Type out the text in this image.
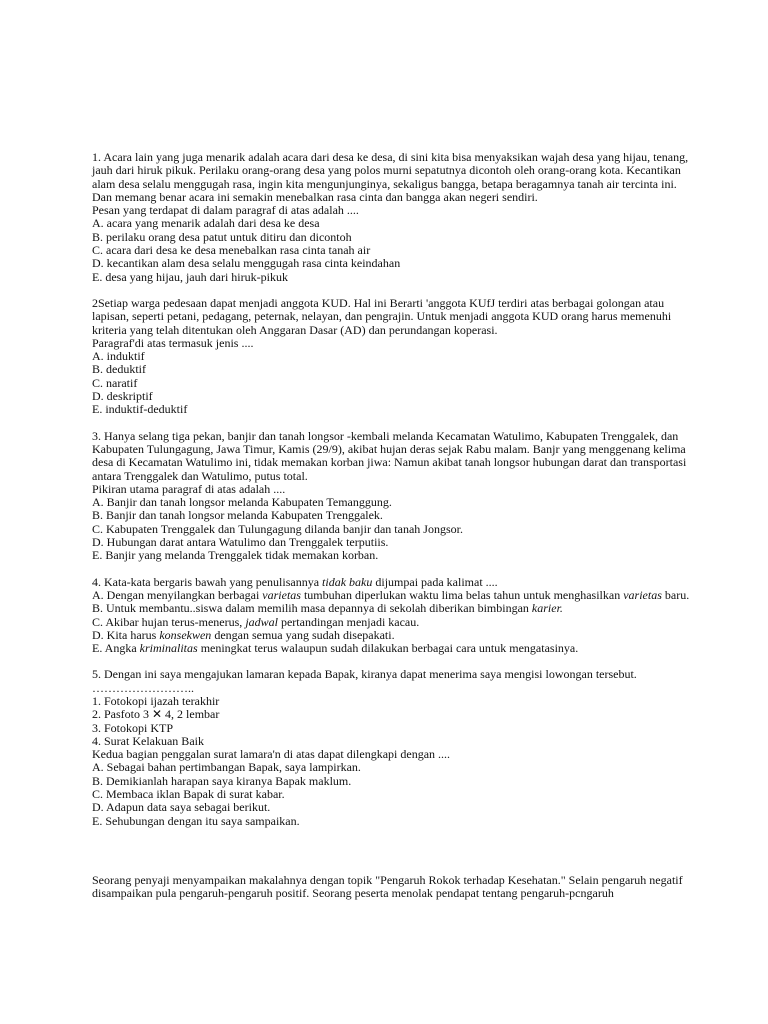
1. Acara lain yang juga menarik adalah acara dari desa ke desa, di sini kita bisa menyaksikan wajah desa yang hijau, tenang, jauh dari hiruk pikuk. Perilaku orang-orang desa yang polos murni sepatutnya dicontoh oleh orang-orang kota. Kecantikan alam desa selalu menggugah rasa, ingin kita mengunjunginya, sekaligus bangga, betapa beragamnya tanah air tercinta ini. Dan memang benar acara ini semakin menebalkan rasa cinta dan bangga akan negeri sendiri.

Pesan yang terdapat di dalam paragraf di atas adalah ....

A. acara yang menarik adalah dari desa ke desa

B. perilaku orang desa patut untuk ditiru dan dicontoh

C. acara dari desa ke desa menebalkan rasa cinta tanah air

D. kecantikan alam desa selalu menggugah rasa cinta keindahan

E. desa yang hijau, jauh dari hiruk-pikuk

2Setiap warga pedesaan dapat menjadi anggota KUD. Hal ini Berarti 'anggota KUfJ terdiri atas berbagai golongan atau

lapisan, seperti petani, pedagang, peternak, nelayan, dan pengrajin. Untuk menjadi anggota KUD orang harus memenuhi kriteria yang telah ditentukan oleh Anggaran Dasar (AD) dan perundangan koperasi.

Paragraf'di atas termasuk jenis ....

A. induktif

B. deduktif

C. naratif

D. deskriptif

E. induktif-deduktif

3. Hanya selang tiga pekan, banjir dan tanah longsor -kembali melanda Kecamatan Watulimo, Kabupaten Trenggalek, dan Kabupaten Tulungagung, Jawa Timur, Kamis (29/9), akibat hujan deras sejak Rabu malam. Banjr yang menggenang kelima desa di Kecamatan Watulimo ini, tidak memakan korban jiwa: Namun akibat tanah longsor hubungan darat dan transportasi antara Trenggalek dan Watulimo, putus total.

Pikiran utama paragraf di atas adalah ....

A. Banjir dan tanah longsor melanda Kabupaten Temanggung.

B. Banjir dan tanah longsor melanda Kabupaten Trenggalek.

C. Kabupaten Trenggalek dan Tulungagung dilanda banjir dan tanah Jongsor.

D. Hubungan darat antara Watulimo dan Trenggalek terputiis.

E. Banjir yang melanda Trenggalek tidak memakan korban.

4. Kata-kata bergaris bawah yang penulisannya tidak baku dijumpai pada kalimat ....

A. Dengan menyilangkan berbagai varietas tumbuhan diperlukan waktu lima belas tahun untuk menghasilkan varietas baru.

B. Untuk membantu..siswa dalam memilih masa depannya di sekolah diberikan bimbingan karier.

C. Akibar hujan terus-menerus, jadwal pertandingan menjadi kacau.

D. Kita harus konsekwen dengan semua yang sudah disepakati.

E. Angka kriminalitas meningkat terus walaupun sudah dilakukan berbagai cara untuk mengatasinya.

5. Dengan ini saya mengajukan lamaran kepada Bapak, kiranya dapat menerima saya mengisi lowongan tersebut.

……………………..

1. Fotokopi ijazah terakhir

2. Pasfoto 3 ✕ 4, 2 lembar

3. Fotokopi KTP

4. Surat Kelakuan Baik

Kedua bagian penggalan surat lamara'n di atas dapat dilengkapi dengan ....

A. Sebagai bahan pertimbangan Bapak, saya lampirkan.

B. Demikianlah harapan saya kiranya Bapak maklum.

C. Membaca iklan Bapak di surat kabar.

D. Adapun data saya sebagai berikut.

E. Sehubungan dengan itu saya sampaikan.

Seorang penyaji menyampaikan makalahnya dengan topik "Pengaruh Rokok terhadap Kesehatan." Selain pengaruh negatif disampaikan pula pengaruh-pengaruh positif. Seorang peserta menolak pendapat tentang pengaruh-pcngaruh
